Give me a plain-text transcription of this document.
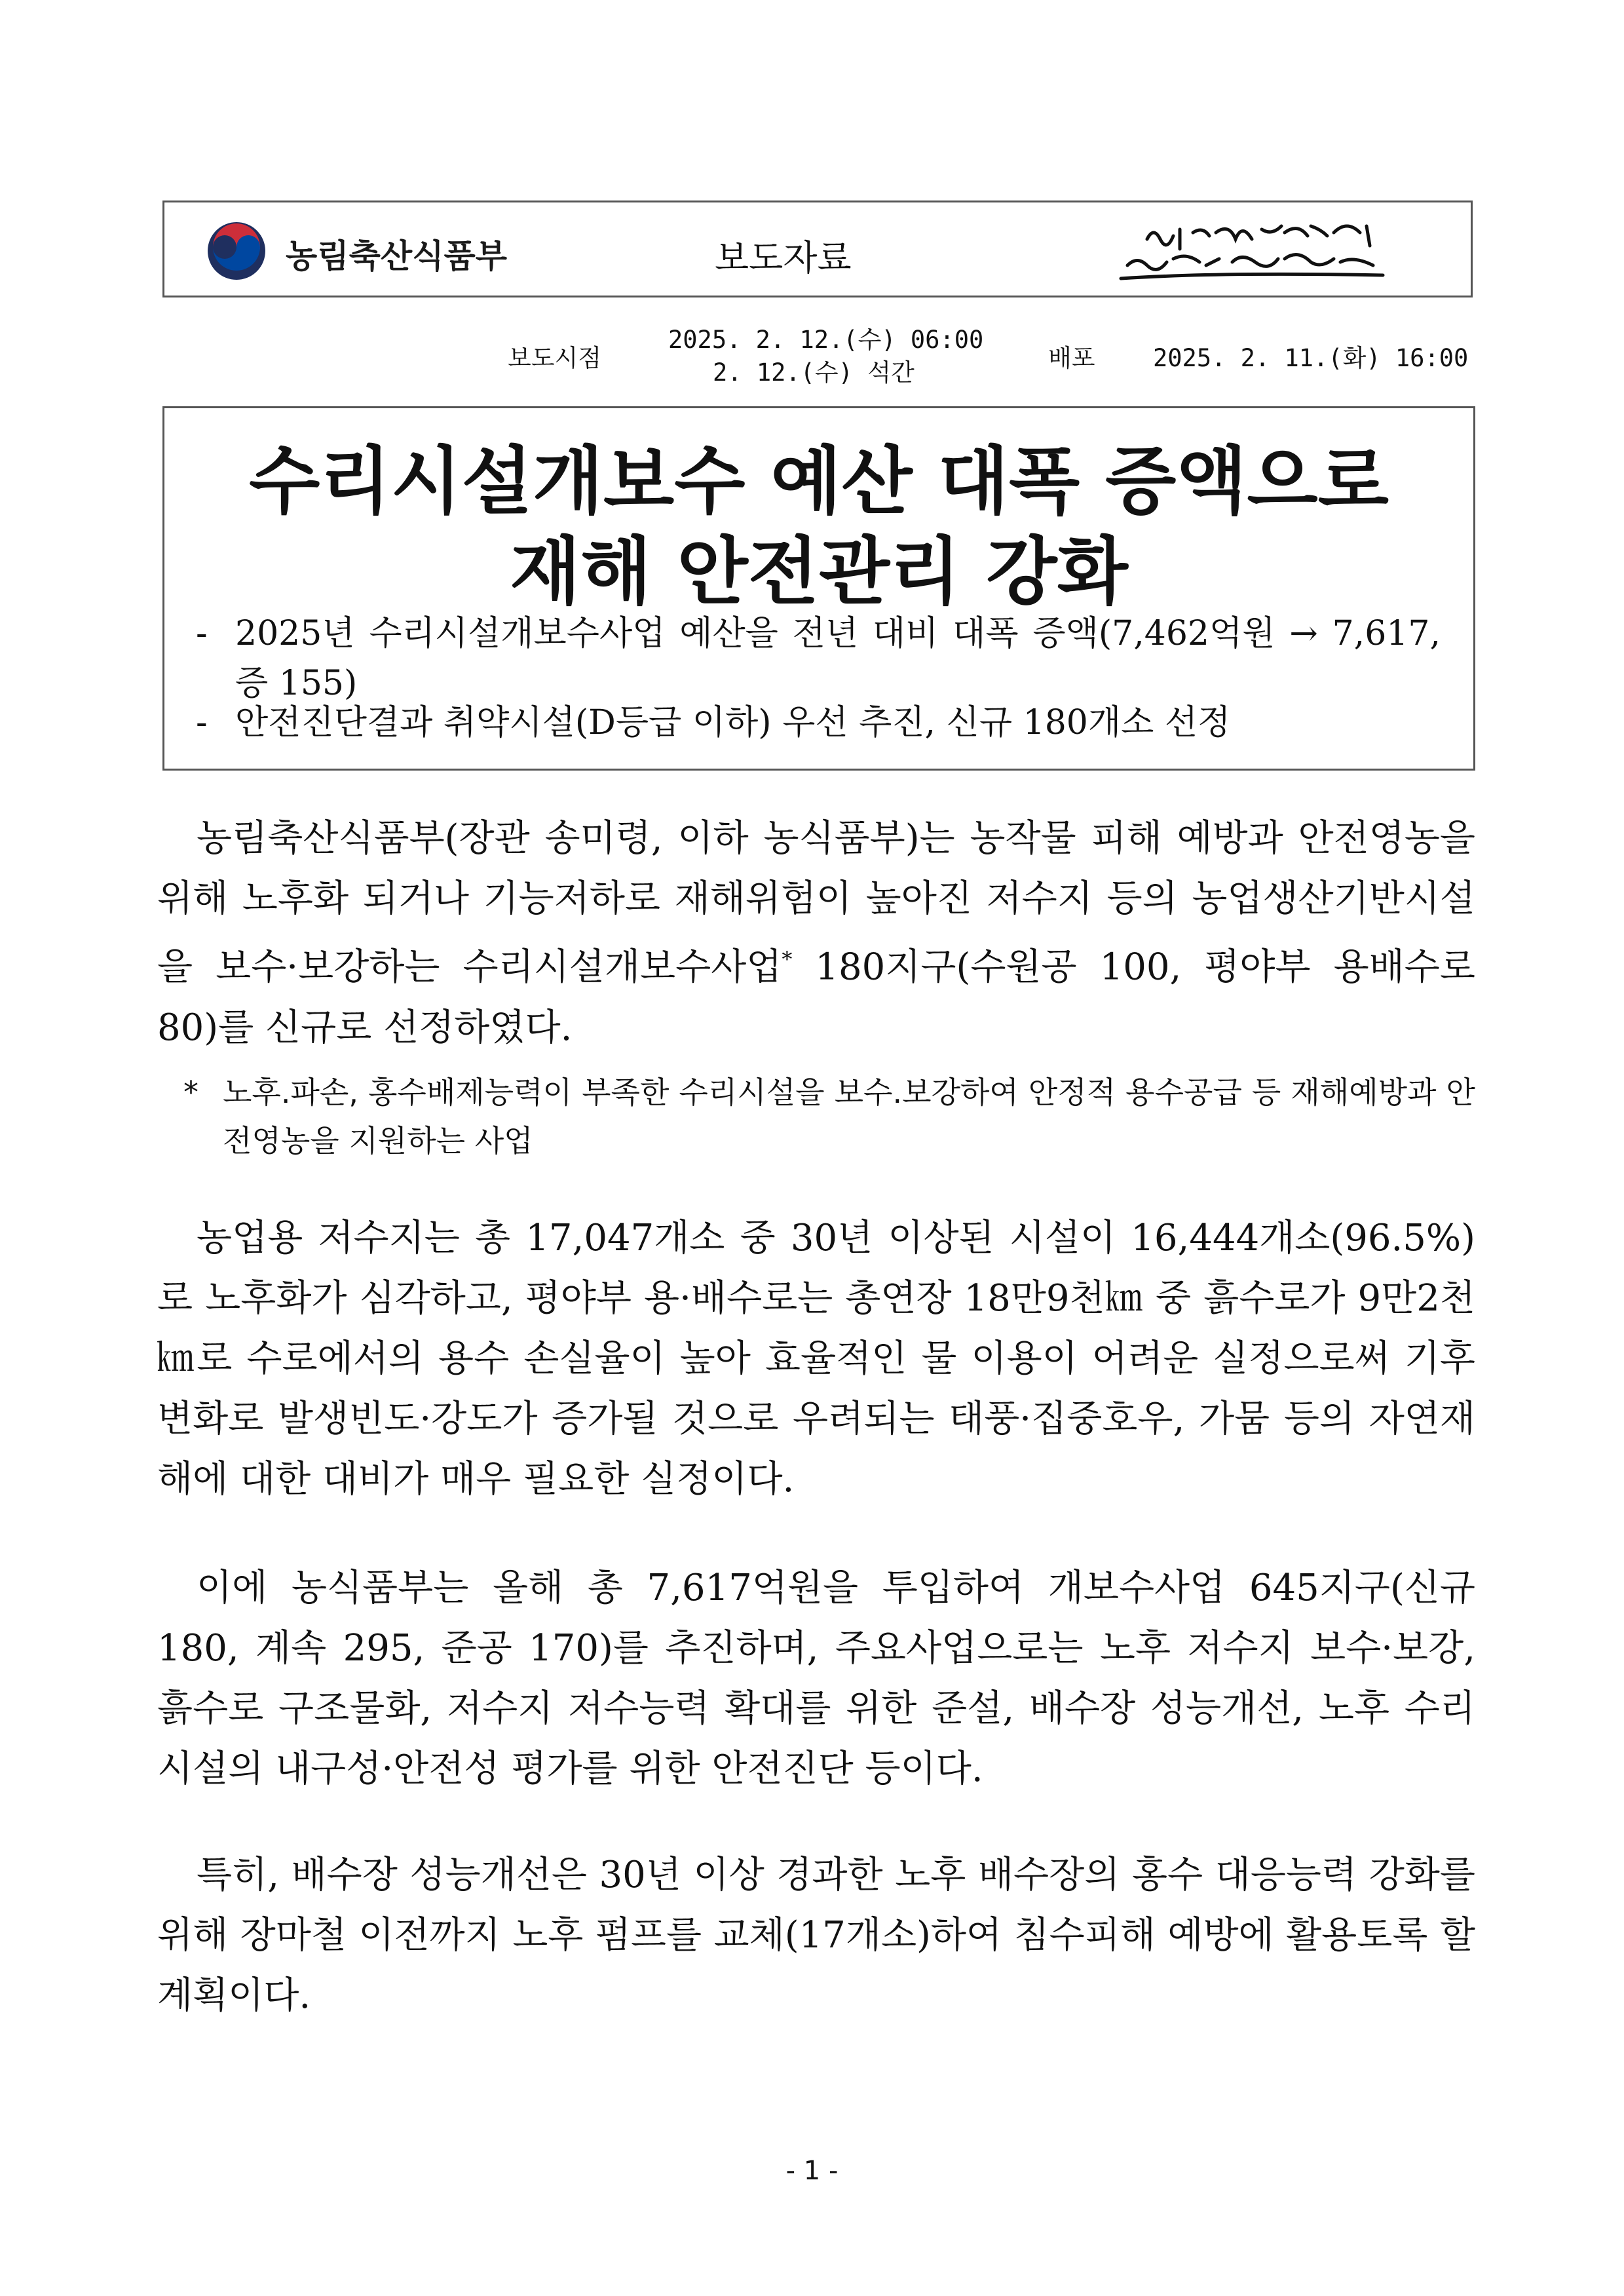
농림축산식품부	보도자료
보도시점
2025. 2. 12.(수) 06:00
2. 12.(수) 석간
배포 2025. 2. 11.(화) 16:00
수리시설개보수 예산 대폭 증액으로
재해 안전관리 강화
- 2025년 수리시설개보수사업 예산을 전년 대비 대폭 증액(7,462억원 → 7,617, 증 155)
- 안전진단결과 취약시설(D등급 이하) 우선 추진, 신규 180개소 선정
농림축산식품부(장관 송미령, 이하 농식품부)는 농작물 피해 예방과 안전영농을 위해 노후화 되거나 기능저하로 재해위험이 높아진 저수지 등의 농업생산기반시설을 보수·보강하는 수리시설개보수사업* 180지구(수원공 100, 평야부 용배수로 80)를 신규로 선정하였다.
* 노후.파손, 홍수배제능력이 부족한 수리시설을 보수.보강하여 안정적 용수공급 등 재해예방과 안전영농을 지원하는 사업
농업용 저수지는 총 17,047개소 중 30년 이상된 시설이 16,444개소(96.5%)로 노후화가 심각하고, 평야부 용·배수로는 총연장 18만9천㎞ 중 흙수로가 9만2천㎞로 수로에서의 용수 손실율이 높아 효율적인 물 이용이 어려운 실정으로써 기후변화로 발생빈도·강도가 증가될 것으로 우려되는 태풍·집중호우, 가뭄 등의 자연재해에 대한 대비가 매우 필요한 실정이다.
이에 농식품부는 올해 총 7,617억원을 투입하여 개보수사업 645지구(신규 180, 계속 295, 준공 170)를 추진하며, 주요사업으로는 노후 저수지 보수·보강, 흙수로 구조물화, 저수지 저수능력 확대를 위한 준설, 배수장 성능개선, 노후 수리시설의 내구성·안전성 평가를 위한 안전진단 등이다.
특히, 배수장 성능개선은 30년 이상 경과한 노후 배수장의 홍수 대응능력 강화를 위해 장마철 이전까지 노후 펌프를 교체(17개소)하여 침수피해 예방에 활용토록 할 계획이다.
- 1 -
